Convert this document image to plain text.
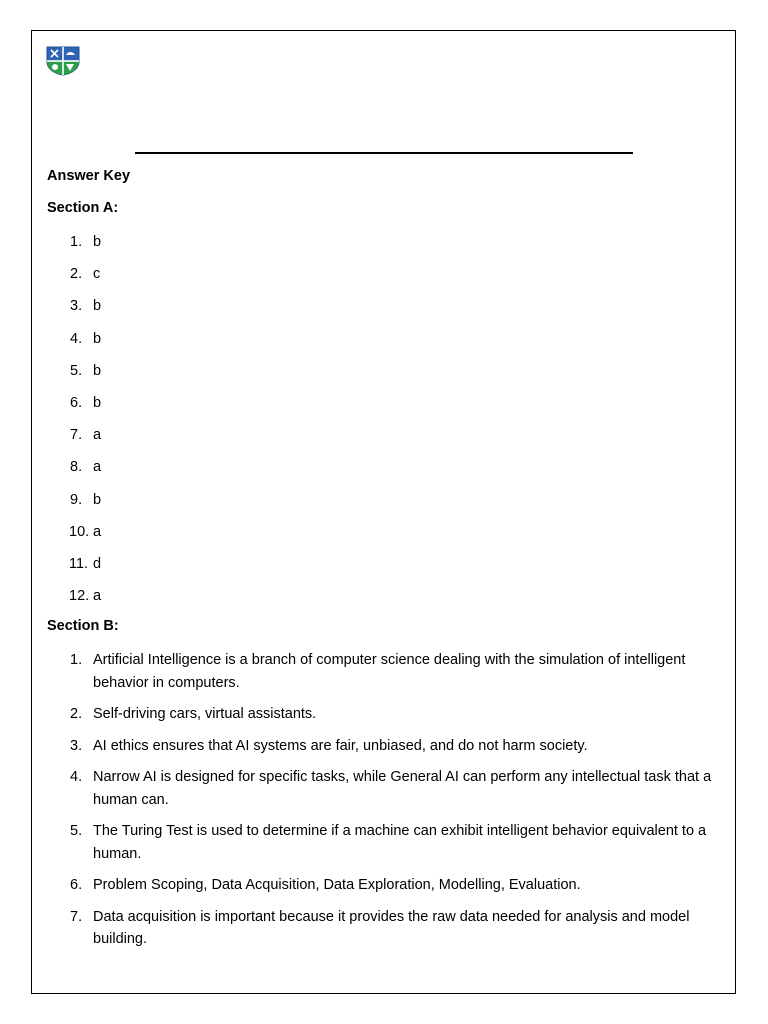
Answer Key
Section A:
1. b
2. c
3. b
4. b
5. b
6. b
7. a
8. a
9. b
10. a
11. d
12. a
Section B:
1. Artificial Intelligence is a branch of computer science dealing with the simulation of intelligent behavior in computers.
2. Self-driving cars, virtual assistants.
3. AI ethics ensures that AI systems are fair, unbiased, and do not harm society.
4. Narrow AI is designed for specific tasks, while General AI can perform any intellectual task that a human can.
5. The Turing Test is used to determine if a machine can exhibit intelligent behavior equivalent to a human.
6. Problem Scoping, Data Acquisition, Data Exploration, Modelling, Evaluation.
7. Data acquisition is important because it provides the raw data needed for analysis and model building.
